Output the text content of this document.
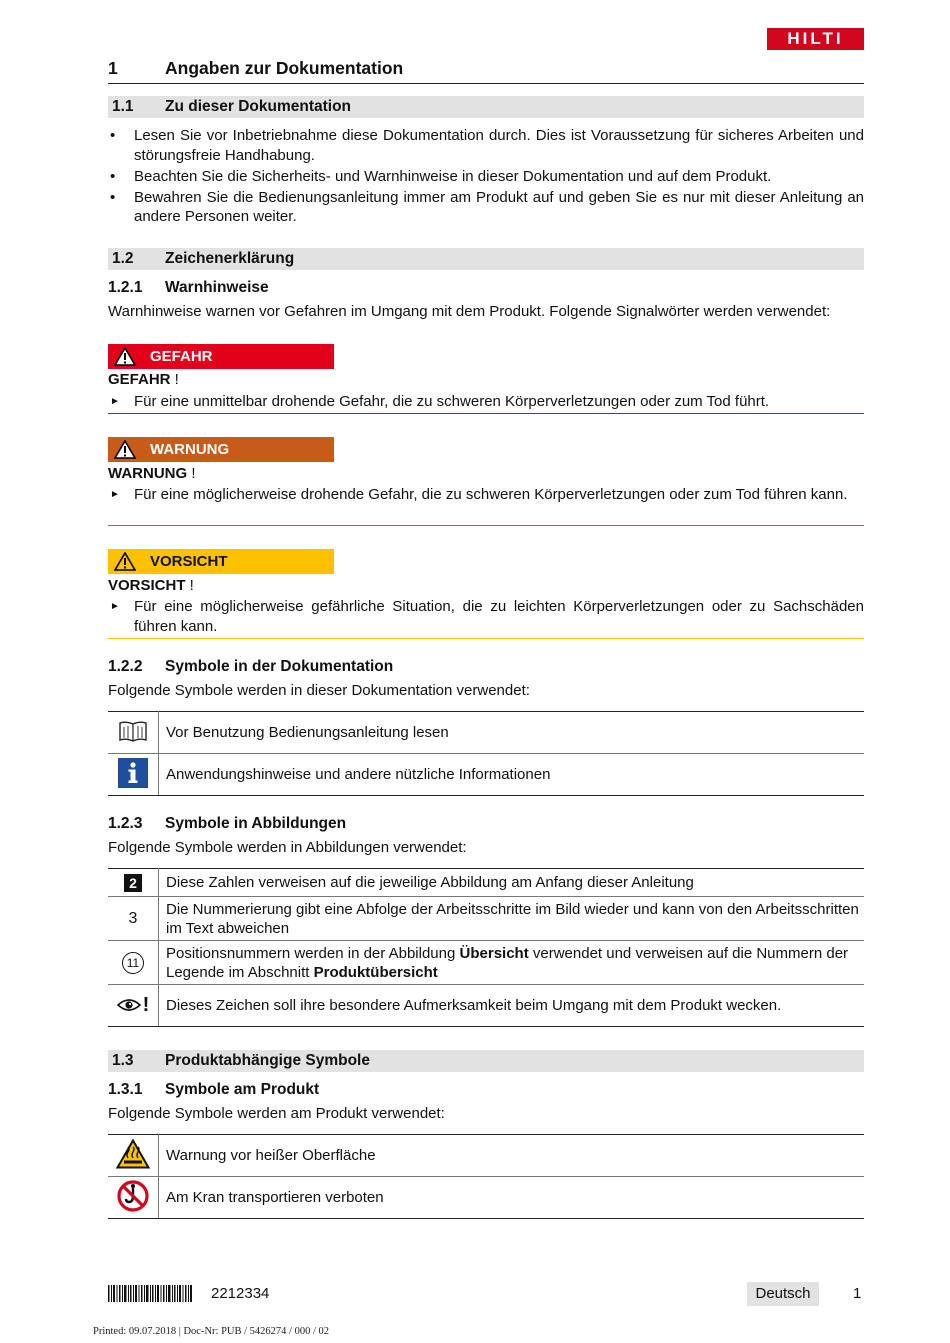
HILTI
1	Angaben zur Dokumentation
1.1 Zu dieser Dokumentation
• Lesen Sie vor Inbetriebnahme diese Dokumentation durch. Dies ist Voraussetzung für sicheres Arbeiten und störungsfreie Handhabung.
• Beachten Sie die Sicherheits- und Warnhinweise in dieser Dokumentation und auf dem Produkt.
• Bewahren Sie die Bedienungsanleitung immer am Produkt auf und geben Sie es nur mit dieser Anleitung an andere Personen weiter.
1.2 Zeichenerklärung
1.2.1 Warnhinweise
Warnhinweise warnen vor Gefahren im Umgang mit dem Produkt. Folgende Signalwörter werden verwendet:
GEFAHR
GEFAHR !
► Für eine unmittelbar drohende Gefahr, die zu schweren Körperverletzungen oder zum Tod führt.
WARNUNG
WARNUNG !
► Für eine möglicherweise drohende Gefahr, die zu schweren Körperverletzungen oder zum Tod führen kann.
VORSICHT
VORSICHT !
► Für eine möglicherweise gefährliche Situation, die zu leichten Körperverletzungen oder zu Sachschäden führen kann.
1.2.2 Symbole in der Dokumentation
Folgende Symbole werden in dieser Dokumentation verwendet:
	Vor Benutzung Bedienungsanleitung lesen
	Anwendungshinweise und andere nützliche Informationen
1.2.3 Symbole in Abbildungen
Folgende Symbole werden in Abbildungen verwendet:
2	Diese Zahlen verweisen auf die jeweilige Abbildung am Anfang dieser Anleitung
3	Die Nummerierung gibt eine Abfolge der Arbeitsschritte im Bild wieder und kann von den Arbeitsschritten im Text abweichen
11	Positionsnummern werden in der Abbildung Übersicht verwendet und verweisen auf die Nummern der Legende im Abschnitt Produktübersicht

!	Dieses Zeichen soll ihre besondere Aufmerksamkeit beim Umgang mit dem Produkt wecken.
1.3 Produktabhängige Symbole
1.3.1 Symbole am Produkt
Folgende Symbole werden am Produkt verwendet:
	Warnung vor heißer Oberfläche
	Am Kran transportieren verboten
2212334	Deutsch	1
Printed: 09.07.2018 | Doc-Nr: PUB / 5426274 / 000 / 02
